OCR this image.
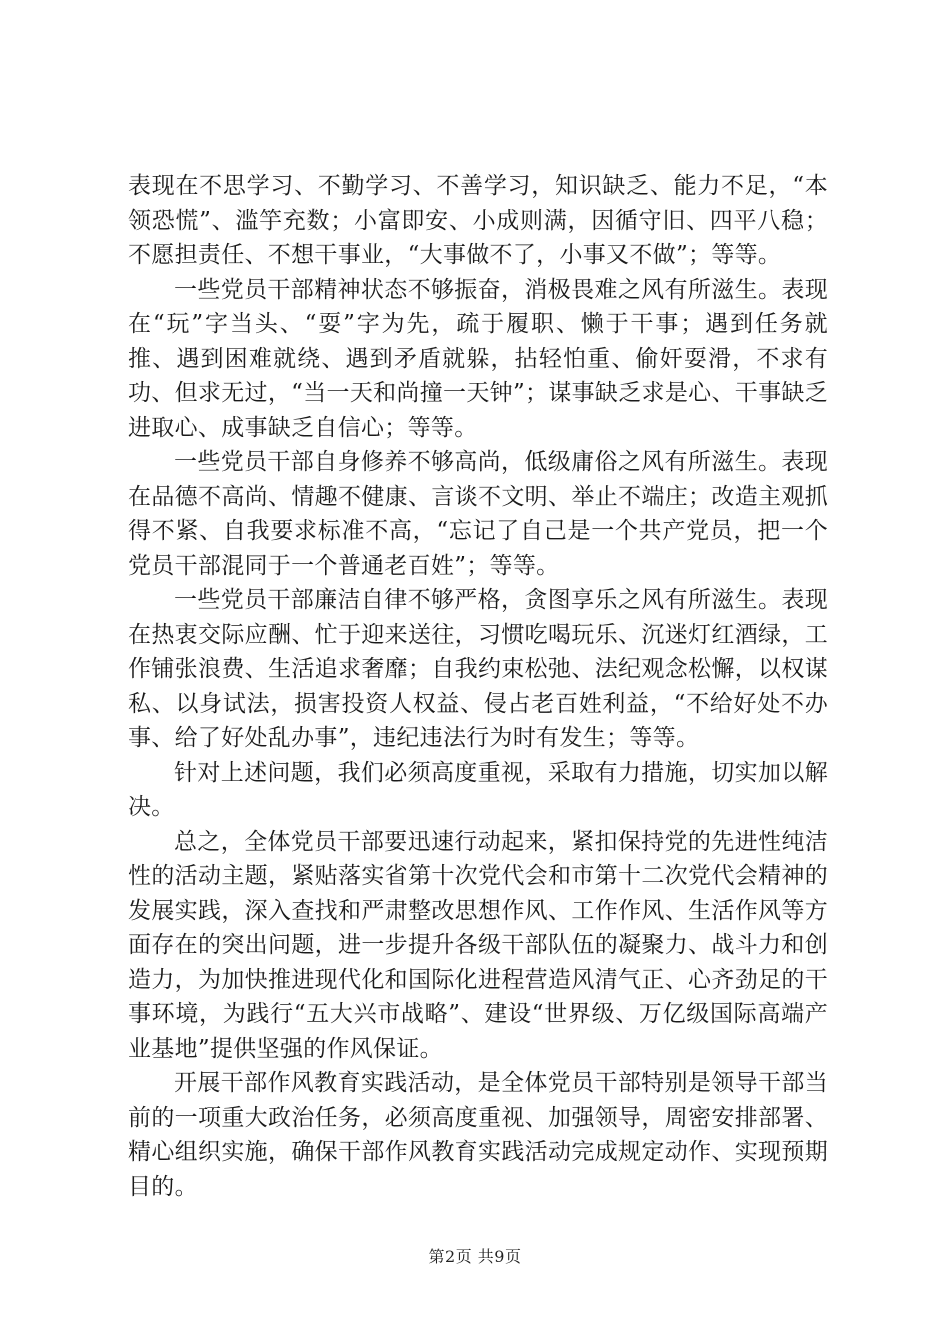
表现在不思学习、不勤学习、不善学习，知识缺乏、能力不足，“本领恐慌”、滥竽充数；小富即安、小成则满，因循守旧、四平八稳；不愿担责任、不想干事业，“大事做不了，小事又不做”；等等。

一些党员干部精神状态不够振奋，消极畏难之风有所滋生。表现在“玩”字当头、“耍”字为先，疏于履职、懒于干事；遇到任务就推、遇到困难就绕、遇到矛盾就躲，拈轻怕重、偷奸耍滑，不求有功、但求无过，“当一天和尚撞一天钟”；谋事缺乏求是心、干事缺乏进取心、成事缺乏自信心；等等。

一些党员干部自身修养不够高尚，低级庸俗之风有所滋生。表现在品德不高尚、情趣不健康、言谈不文明、举止不端庄；改造主观抓得不紧、自我要求标准不高，“忘记了自己是一个共产党员，把一个党员干部混同于一个普通老百姓”；等等。

一些党员干部廉洁自律不够严格，贪图享乐之风有所滋生。表现在热衷交际应酬、忙于迎来送往，习惯吃喝玩乐、沉迷灯红酒绿，工作铺张浪费、生活追求奢靡；自我约束松弛、法纪观念松懈，以权谋私、以身试法，损害投资人权益、侵占老百姓利益，“不给好处不办事、给了好处乱办事”，违纪违法行为时有发生；等等。

针对上述问题，我们必须高度重视，采取有力措施，切实加以解决。

总之，全体党员干部要迅速行动起来，紧扣保持党的先进性纯洁性的活动主题，紧贴落实省第十次党代会和市第十二次党代会精神的发展实践，深入查找和严肃整改思想作风、工作作风、生活作风等方面存在的突出问题，进一步提升各级干部队伍的凝聚力、战斗力和创造力，为加快推进现代化和国际化进程营造风清气正、心齐劲足的干事环境，为践行“五大兴市战略”、建设“世界级、万亿级国际高端产业基地”提供坚强的作风保证。

开展干部作风教育实践活动，是全体党员干部特别是领导干部当前的一项重大政治任务，必须高度重视、加强领导，周密安排部署、精心组织实施，确保干部作风教育实践活动完成规定动作、实现预期目的。

第2页 共9页
